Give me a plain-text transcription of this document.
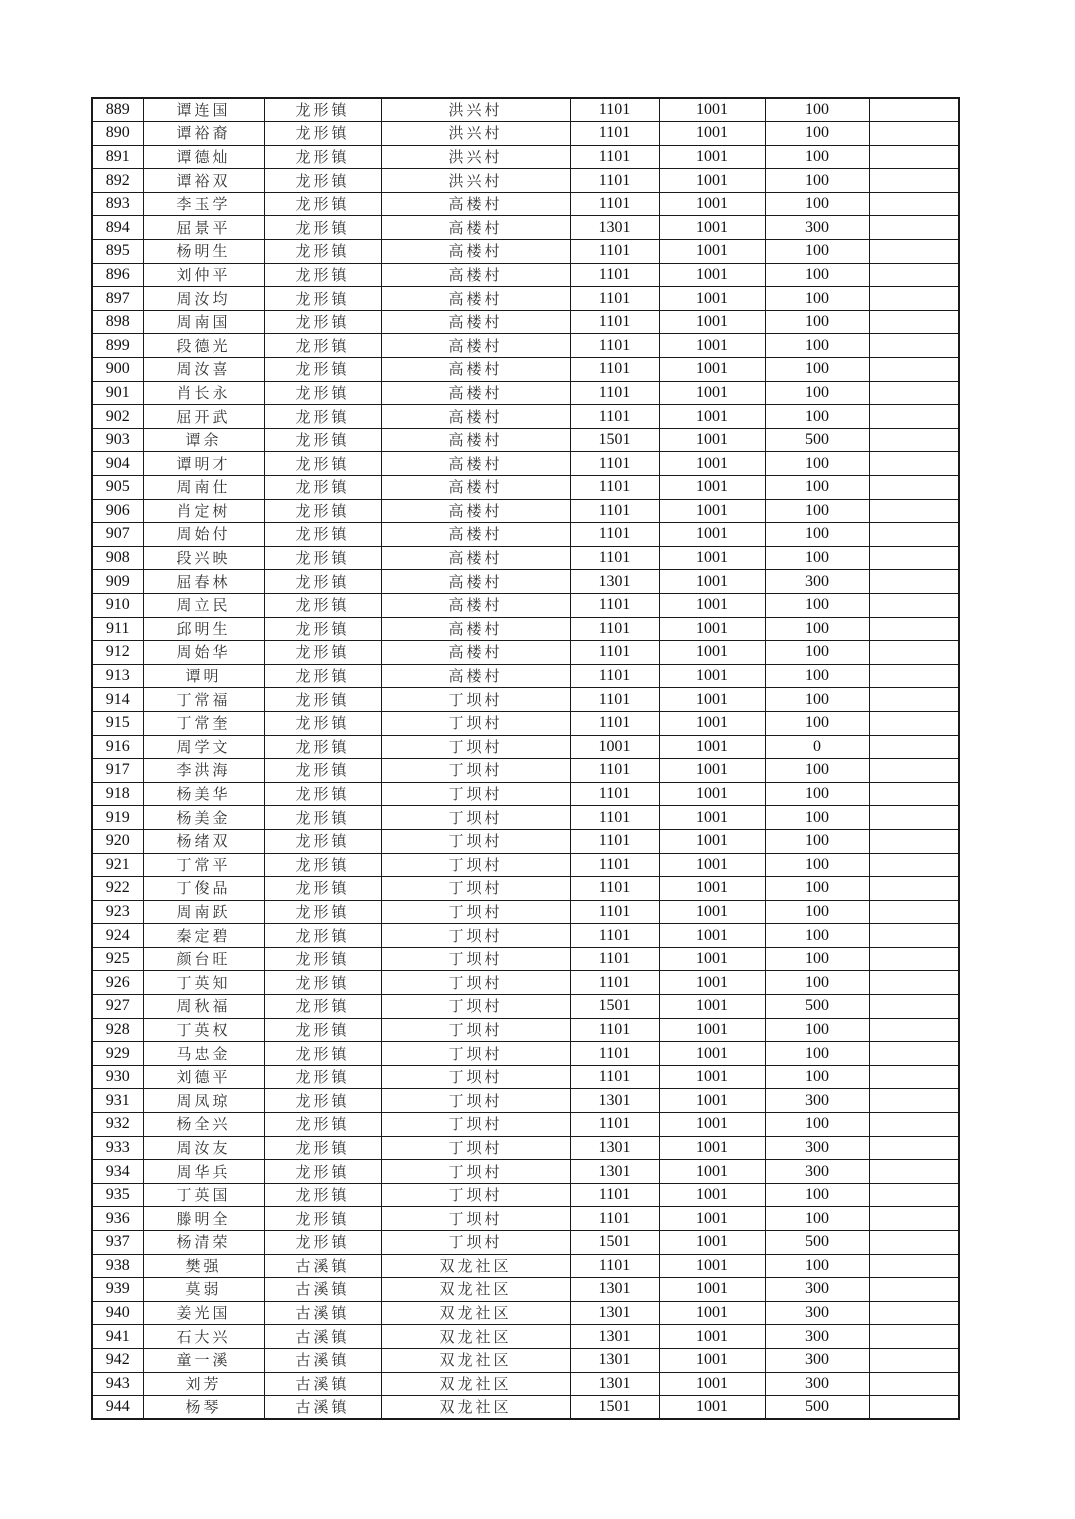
889	谭连国	龙形镇	洪兴村	1101	1001	100	
890	谭裕裔	龙形镇	洪兴村	1101	1001	100	
891	谭德灿	龙形镇	洪兴村	1101	1001	100	
892	谭裕双	龙形镇	洪兴村	1101	1001	100	
893	李玉学	龙形镇	高楼村	1101	1001	100	
894	屈景平	龙形镇	高楼村	1301	1001	300	
895	杨明生	龙形镇	高楼村	1101	1001	100	
896	刘仲平	龙形镇	高楼村	1101	1001	100	
897	周汝均	龙形镇	高楼村	1101	1001	100	
898	周南国	龙形镇	高楼村	1101	1001	100	
899	段德光	龙形镇	高楼村	1101	1001	100	
900	周汝喜	龙形镇	高楼村	1101	1001	100	
901	肖长永	龙形镇	高楼村	1101	1001	100	
902	屈开武	龙形镇	高楼村	1101	1001	100	
903	谭余	龙形镇	高楼村	1501	1001	500	
904	谭明才	龙形镇	高楼村	1101	1001	100	
905	周南仕	龙形镇	高楼村	1101	1001	100	
906	肖定树	龙形镇	高楼村	1101	1001	100	
907	周始付	龙形镇	高楼村	1101	1001	100	
908	段兴映	龙形镇	高楼村	1101	1001	100	
909	屈春林	龙形镇	高楼村	1301	1001	300	
910	周立民	龙形镇	高楼村	1101	1001	100	
911	邱明生	龙形镇	高楼村	1101	1001	100	
912	周始华	龙形镇	高楼村	1101	1001	100	
913	谭明	龙形镇	高楼村	1101	1001	100	
914	丁常福	龙形镇	丁坝村	1101	1001	100	
915	丁常奎	龙形镇	丁坝村	1101	1001	100	
916	周学文	龙形镇	丁坝村	1001	1001	0	
917	李洪海	龙形镇	丁坝村	1101	1001	100	
918	杨美华	龙形镇	丁坝村	1101	1001	100	
919	杨美金	龙形镇	丁坝村	1101	1001	100	
920	杨绪双	龙形镇	丁坝村	1101	1001	100	
921	丁常平	龙形镇	丁坝村	1101	1001	100	
922	丁俊品	龙形镇	丁坝村	1101	1001	100	
923	周南跃	龙形镇	丁坝村	1101	1001	100	
924	秦定碧	龙形镇	丁坝村	1101	1001	100	
925	颜台旺	龙形镇	丁坝村	1101	1001	100	
926	丁英知	龙形镇	丁坝村	1101	1001	100	
927	周秋福	龙形镇	丁坝村	1501	1001	500	
928	丁英权	龙形镇	丁坝村	1101	1001	100	
929	马忠金	龙形镇	丁坝村	1101	1001	100	
930	刘德平	龙形镇	丁坝村	1101	1001	100	
931	周凤琼	龙形镇	丁坝村	1301	1001	300	
932	杨全兴	龙形镇	丁坝村	1101	1001	100	
933	周汝友	龙形镇	丁坝村	1301	1001	300	
934	周华兵	龙形镇	丁坝村	1301	1001	300	
935	丁英国	龙形镇	丁坝村	1101	1001	100	
936	滕明全	龙形镇	丁坝村	1101	1001	100	
937	杨清荣	龙形镇	丁坝村	1501	1001	500	
938	樊强	古溪镇	双龙社区	1101	1001	100	
939	莫弱	古溪镇	双龙社区	1301	1001	300	
940	姜光国	古溪镇	双龙社区	1301	1001	300	
941	石大兴	古溪镇	双龙社区	1301	1001	300	
942	童一溪	古溪镇	双龙社区	1301	1001	300	
943	刘芳	古溪镇	双龙社区	1301	1001	300	
944	杨琴	古溪镇	双龙社区	1501	1001	500	
